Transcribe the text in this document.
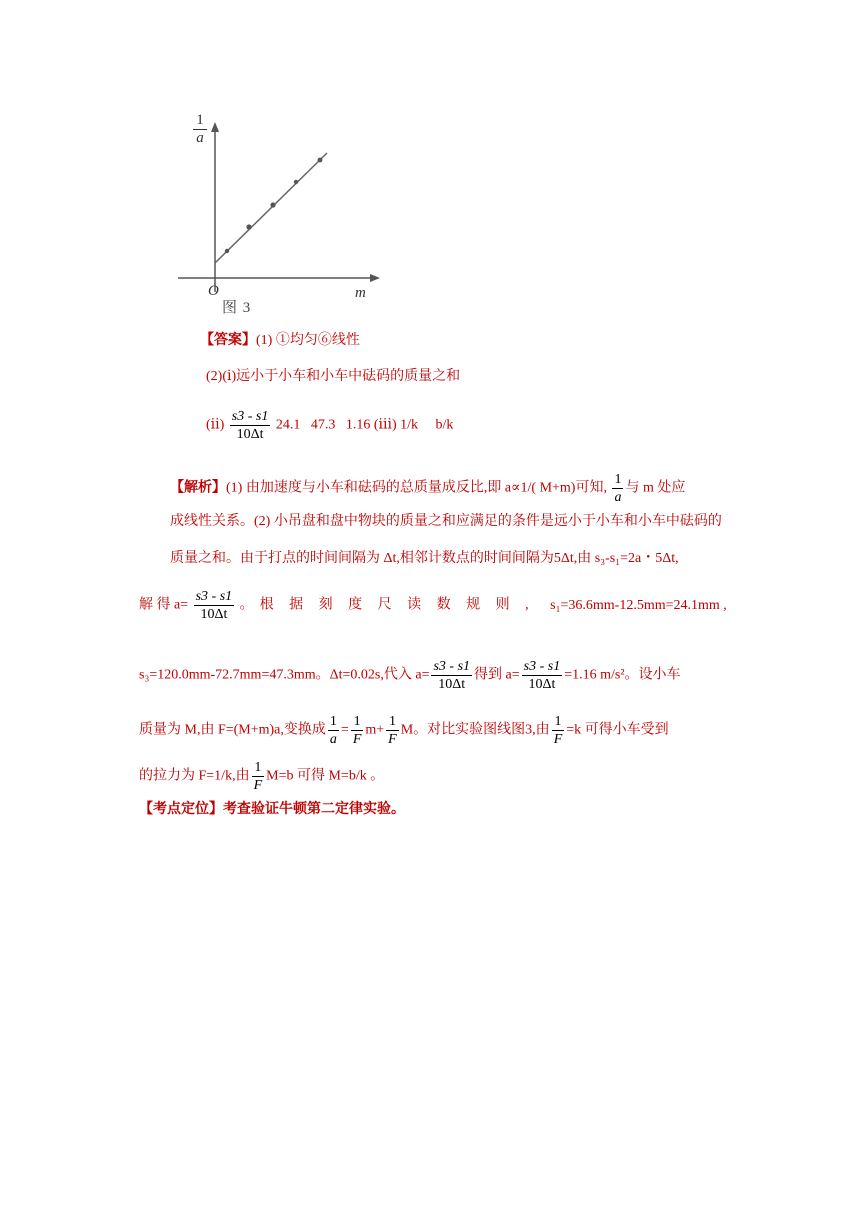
1
a
O	m
图 3
【答案】(1) ①均匀⑥线性
(2)(ⅰ)远小于小车和小车中砝码的质量之和
(ⅱ) $\frac{s3 - s1}{10\Delta t} 24.1$   47.3   1.16 (ⅲ) 1/k     b/k
【解析】(1) 由加速度与小车和砝码的总质量成反比,即 a∝1/( M+m)可知, $\frac{1}{a}$ 与 m 处应
成线性关系。(2) 小吊盘和盘中物块的质量之和应满足的条件是远小于小车和小车中砝码的
质量之和。由于打点的时间间隔为 Δt,相邻计数点的时间间隔为5Δt,由 s₃-s₁=2a・5Δt,
解 得 $a= \frac{s3 - s1}{10\Delta t}$ 。根 据 刻 度 尺 读 数 规 则 , s₁=36.6mm-12.5mm=24.1mm ,
s₃=120.0mm-72.7mm=47.3mm。Δt=0.02s,代入 $a= \frac{s3 - s1}{10\Delta t}$ 得到 $a= \frac{s3 - s1}{10\Delta t} =1.16$ m/s²。设小车
质量为 M,由 F=(M+m)a,变换成 $\frac{1}{a} = \frac{1}{F} m+ \frac{1}{F}$ M。对比实验图线图3,由 $\frac{1}{F} =k$ 可得小车受到
的拉力为 F=1/k,由 $\frac{1}{F} M=b$ 可得 M=b/k 。
【考点定位】考查验证牛顿第二定律实验。
